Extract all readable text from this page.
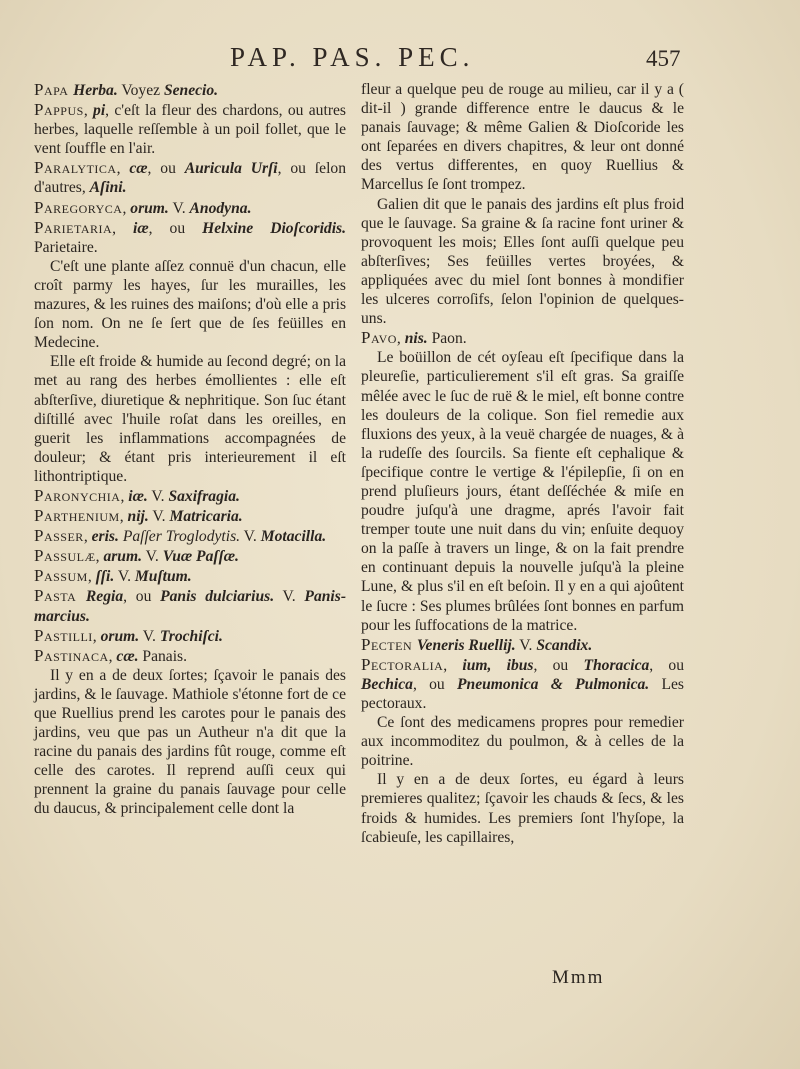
PAP. PAS. PEC.	457

Papa Herba. Voyez Senecio.

Pappus, pi, c'eſt la fleur des chardons, ou autres herbes, laquelle reſſemble à un poil follet, que le vent ſouffle en l'air.

Paralytica, cæ, ou Auricula Urſi, ou ſelon d'autres, Aſini.

Paregoryca, orum. V. Anodyna.

Parietaria, iæ, ou Helxine Dioſcoridis. Parietaire.

C'eſt une plante aſſez connuë d'un chacun, elle croît parmy les hayes, ſur les murailles, les mazures, & les ruines des maiſons; d'où elle a pris ſon nom. On ne ſe ſert que de ſes feüilles en Medecine.

Elle eſt froide & humide au ſecond degré; on la met au rang des herbes émollientes : elle eſt abſterſive, diuretique & nephritique. Son ſuc étant diſtillé avec l'huile roſat dans les oreilles, en guerit les inflammations accompagnées de douleur; & étant pris interieurement il eſt lithontriptique.

Paronychia, iæ. V. Saxifragia.

Parthenium, nij. V. Matricaria.

Passer, eris. Paſſer Troglodytis. V. Motacilla.

Passulæ, arum. V. Vuæ Paſſæ.

Passum, ſſi. V. Muſtum.

Pasta Regia, ou Panis dulciarius. V. Panis-marcius.

Pastilli, orum. V. Trochiſci.

Pastinaca, cæ. Panais.

Il y en a de deux ſortes; ſçavoir le panais des jardins, & le ſauvage. Mathiole s'étonne fort de ce que Ruellius prend les carotes pour le panais des jardins, veu que pas un Autheur n'a dit que la racine du panais des jardins fût rouge, comme eſt celle des carotes. Il reprend auſſi ceux qui prennent la graine du panais ſauvage pour celle du daucus, & principalement celle dont la

fleur a quelque peu de rouge au milieu, car il y a ( dit-il ) grande difference entre le daucus & le panais ſauvage; & même Galien & Dioſcoride les ont ſeparées en divers chapitres, & leur ont donné des vertus differentes, en quoy Ruellius & Marcellus ſe ſont trompez.

Galien dit que le panais des jardins eſt plus froid que le ſauvage. Sa graine & ſa racine font uriner & provoquent les mois; Elles ſont auſſi quelque peu abſterſives; Ses feüilles vertes broyées, & appliquées avec du miel ſont bonnes à mondifier les ulceres corroſifs, ſelon l'opinion de quelques-uns.

Pavo, nis. Paon.

Le boüillon de cét oyſeau eſt ſpecifique dans la pleureſie, particulierement s'il eſt gras. Sa graiſſe mêlée avec le ſuc de ruë & le miel, eſt bonne contre les douleurs de la colique. Son fiel remedie aux fluxions des yeux, à la veuë chargée de nuages, & à la rudeſſe des ſourcils. Sa fiente eſt cephalique & ſpecifique contre le vertige & l'épilepſie, ſi on en prend pluſieurs jours, étant deſſéchée & miſe en poudre juſqu'à une dragme, aprés l'avoir fait tremper toute une nuit dans du vin; enſuite dequoy on la paſſe à travers un linge, & on la fait prendre en continuant depuis la nouvelle juſqu'à la pleine Lune, & plus s'il en eſt beſoin. Il y en a qui ajoûtent le ſucre : Ses plumes brûlées ſont bonnes en parfum pour les ſuffocations de la matrice.

Pecten Veneris Ruellij. V. Scandix.

Pectoralia, ium, ibus, ou Thoracica, ou Bechica, ou Pneumonica & Pulmonica. Les pectoraux.

Ce ſont des medicamens propres pour remedier aux incommoditez du poulmon, & à celles de la poitrine.

Il y en a de deux ſortes, eu égard à leurs premieres qualitez; ſçavoir les chauds & ſecs, & les froids & humides. Les premiers ſont l'hyſope, la ſcabieuſe, les capillaires,

Mmm
